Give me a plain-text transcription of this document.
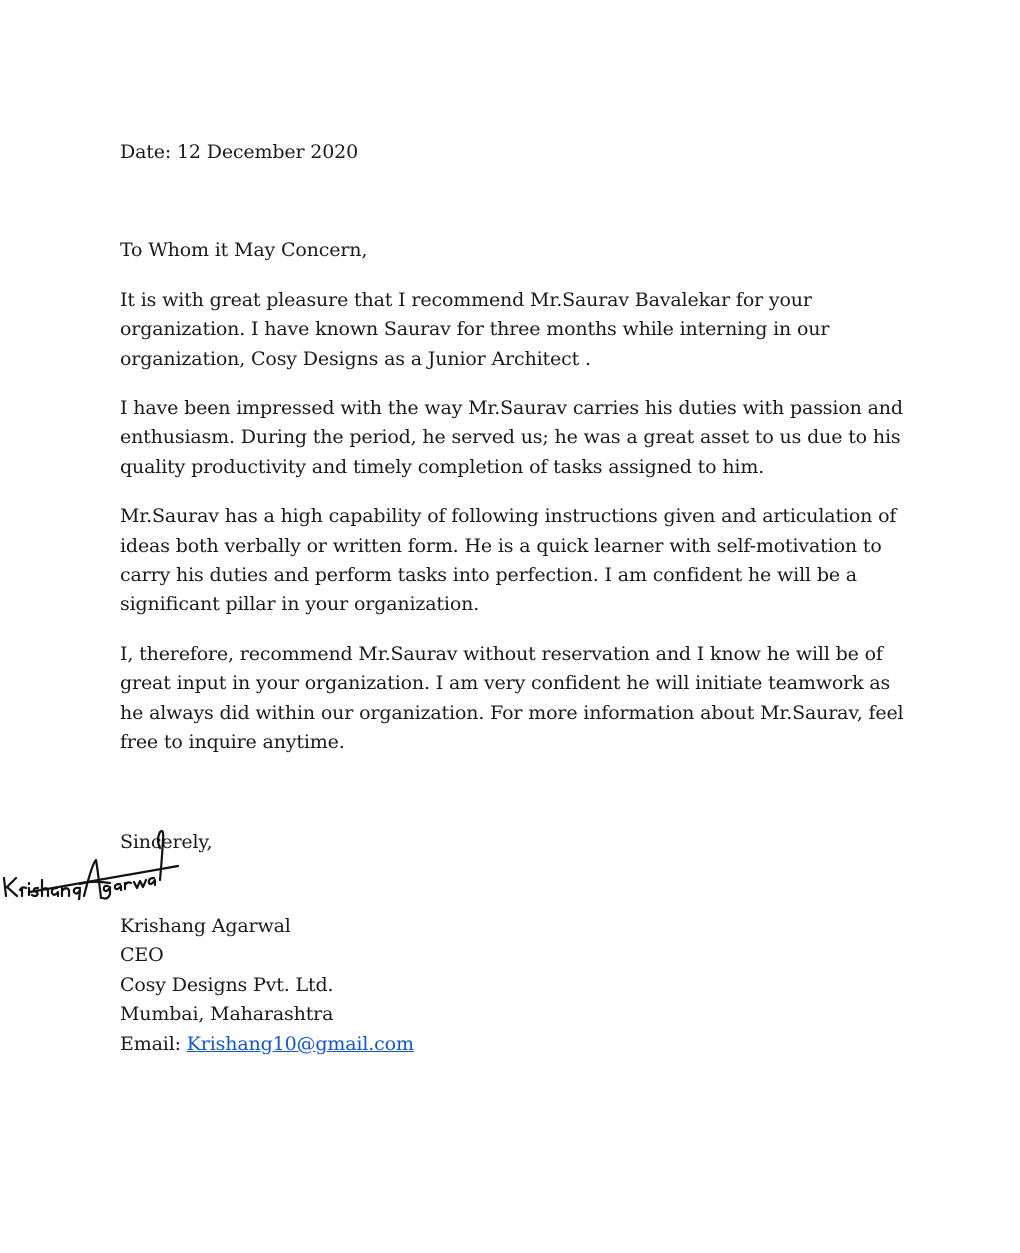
Date: 12 December 2020

To Whom it May Concern,

It is with great pleasure that I recommend Mr.Saurav Bavalekar for your organization. I have known Saurav for three months while interning in our organization, Cosy Designs as a Junior Architect .

I have been impressed with the way Mr.Saurav carries his duties with passion and enthusiasm. During the period, he served us; he was a great asset to us due to his quality productivity and timely completion of tasks assigned to him.

Mr.Saurav has a high capability of following instructions given and articulation of ideas both verbally or written form. He is a quick learner with self-motivation to carry his duties and perform tasks into perfection. I am confident he will be a significant pillar in your organization.

I, therefore, recommend Mr.Saurav without reservation and I know he will be of great input in your organization. I am very confident he will initiate teamwork as he always did within our organization. For more information about Mr.Saurav, feel free to inquire anytime.

Sincerely,

Krishang Agarwal
CEO
Cosy Designs Pvt. Ltd.
Mumbai, Maharashtra
Email: Krishang10@gmail.com
